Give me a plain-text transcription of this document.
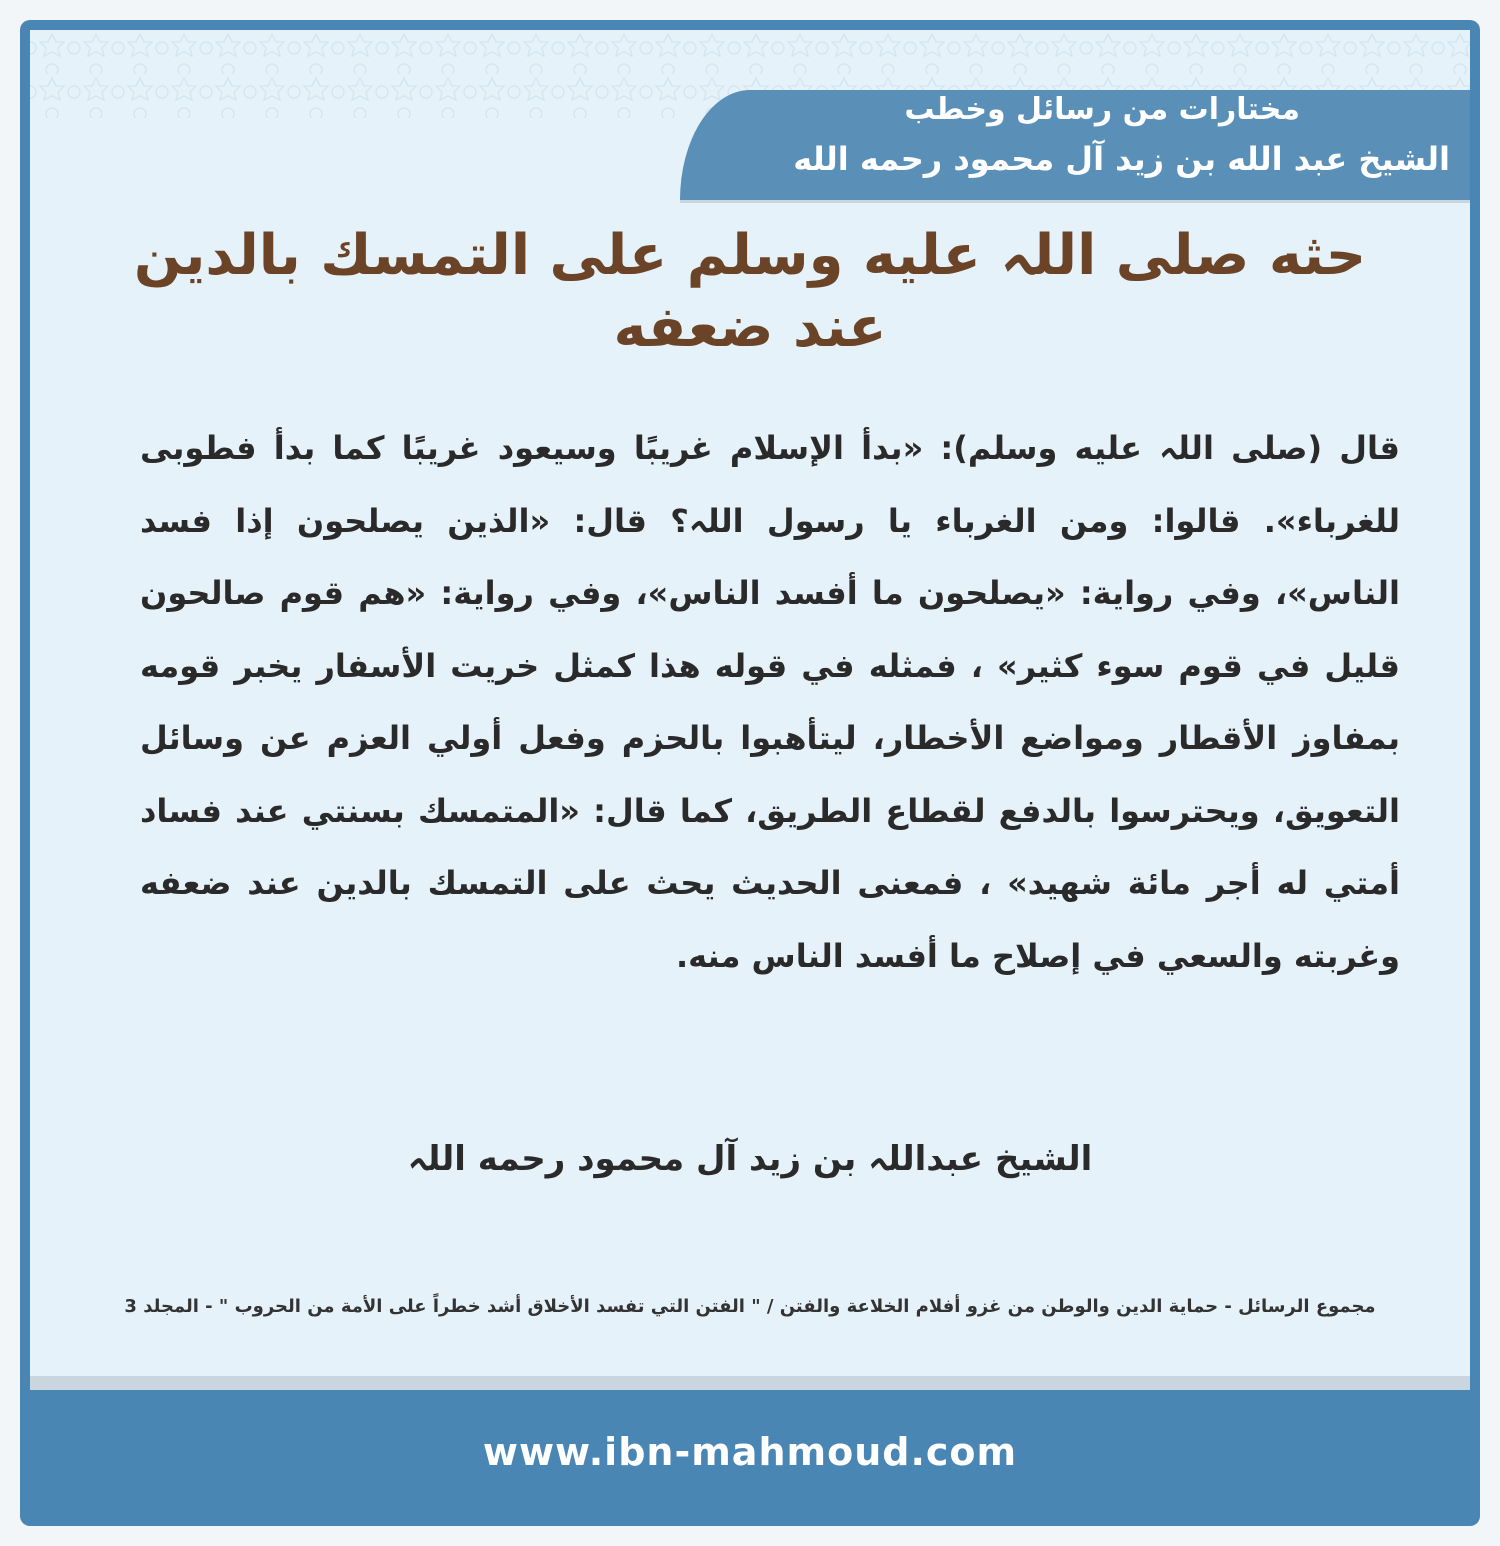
مختارات من رسائل وخطب
الشيخ عبد الله بن زيد آل محمود رحمه الله
حثه صلى اللہ عليه وسلم على التمسك بالدين عند ضعفه
قال (صلى اللہ عليه وسلم): «بدأ الإسلام غريبًا وسيعود غريبًا كما بدأ فطوبى للغرباء». قالوا: ومن الغرباء يا رسول اللہ؟ قال: «الذين يصلحون إذا فسد الناس»، وفي رواية: «يصلحون ما أفسد الناس»، وفي رواية: «هم قوم صالحون قليل في قوم سوء كثير» ، فمثله في قوله هذا كمثل خريت الأسفار يخبر قومه بمفاوز الأقطار ومواضع الأخطار، ليتأهبوا بالحزم وفعل أولي العزم عن وسائل التعويق، ويحترسوا بالدفع لقطاع الطريق، كما قال: «المتمسك بسنتي عند فساد أمتي له أجر مائة شهيد» ، فمعنى الحديث يحث على التمسك بالدين عند ضعفه وغربته والسعي في إصلاح ما أفسد الناس منه.
الشيخ عبداللہ بن زيد آل محمود رحمه اللہ
مجموع الرسائل - حماية الدين والوطن من غزو أفلام الخلاعة والفتن / " الفتن التي تفسد الأخلاق أشد خطراً على الأمة من الحروب " - المجلد 3
www.ibn-mahmoud.com
